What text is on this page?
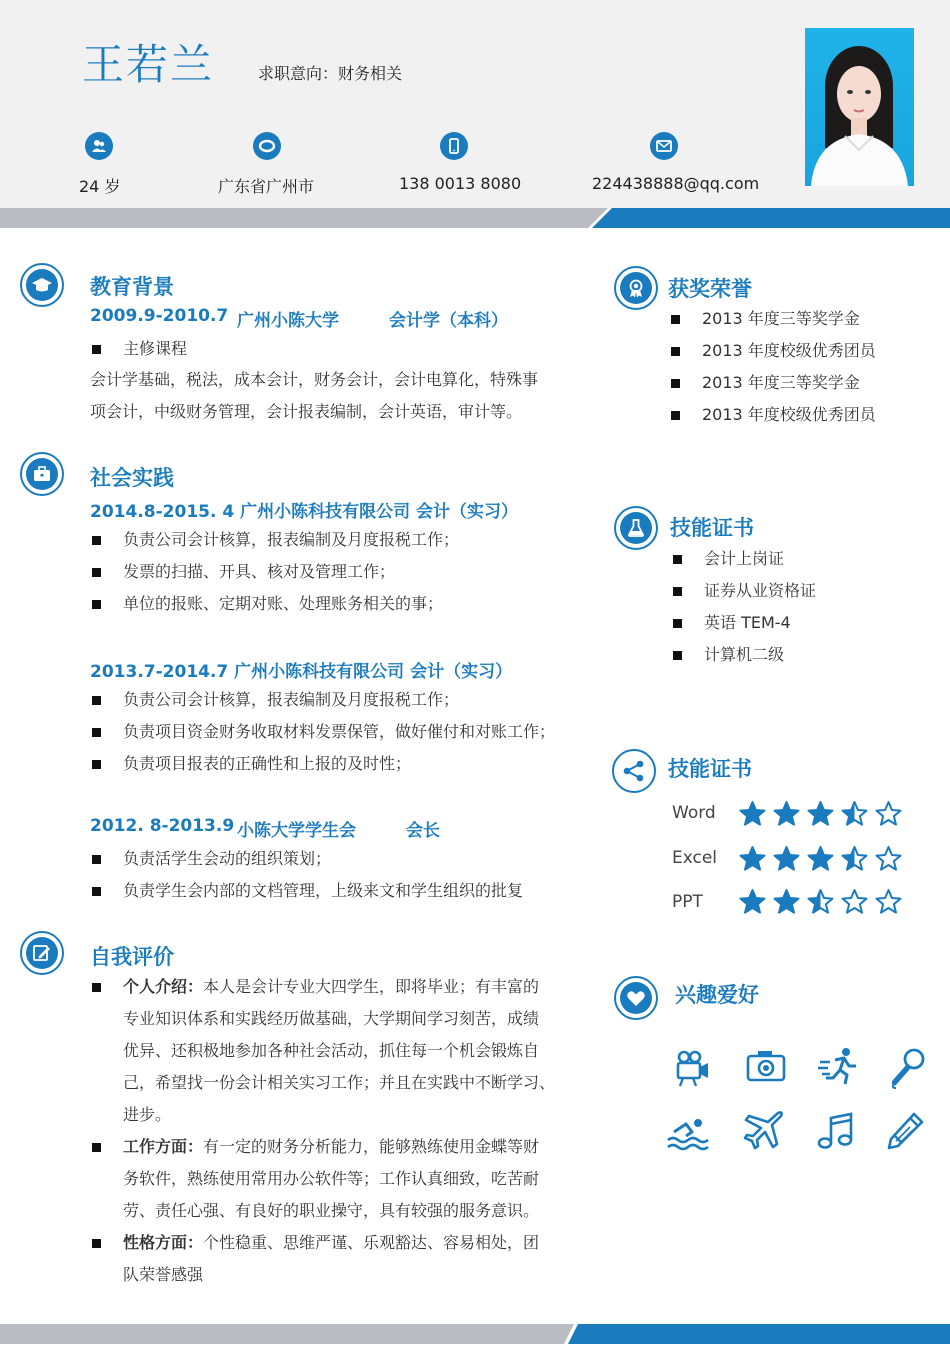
王若兰	求职意向：财务相关
24 岁	广东省广州市	138 0013 8080	224438888@qq.com
教育背景
2009.9-2010.7 广州小陈大学	会计学（本科）
主修课程
会计学基础，税法，成本会计，财务会计，会计电算化，特殊事
项会计，中级财务管理，会计报表编制，会计英语，审计等。
社会实践
2014.8-2015. 4 广州小陈科技有限公司 会计（实习）
负责公司会计核算，报表编制及月度报税工作；
发票的扫描、开具、核对及管理工作；
单位的报账、定期对账、处理账务相关的事；
2013.7-2014.7 广州小陈科技有限公司 会计（实习）
负责公司会计核算，报表编制及月度报税工作；
负责项目资金财务收取材料发票保管，做好催付和对账工作；
负责项目报表的正确性和上报的及时性；
2012. 8-2013.9 小陈大学学生会	会长
负责活学生会动的组织策划；
负责学生会内部的文档管理，上级来文和学生组织的批复
自我评价
个人介绍：本人是会计专业大四学生，即将毕业；有丰富的
专业知识体系和实践经历做基础，大学期间学习刻苦，成绩
优异、还积极地参加各种社会活动，抓住每一个机会锻炼自
己，希望找一份会计相关实习工作；并且在实践中不断学习、
进步。
工作方面：有一定的财务分析能力，能够熟练使用金蝶等财
务软件，熟练使用常用办公软件等；工作认真细致，吃苦耐
劳、责任心强、有良好的职业操守，具有较强的服务意识。
性格方面：个性稳重、思维严谨、乐观豁达、容易相处，团
队荣誉感强
获奖荣誉
2013 年度三等奖学金
2013 年度校级优秀团员
2013 年度三等奖学金
2013 年度校级优秀团员
技能证书
会计上岗证
证券从业资格证
英语 TEM-4
计算机二级
技能证书
Word
Excel
PPT
兴趣爱好
